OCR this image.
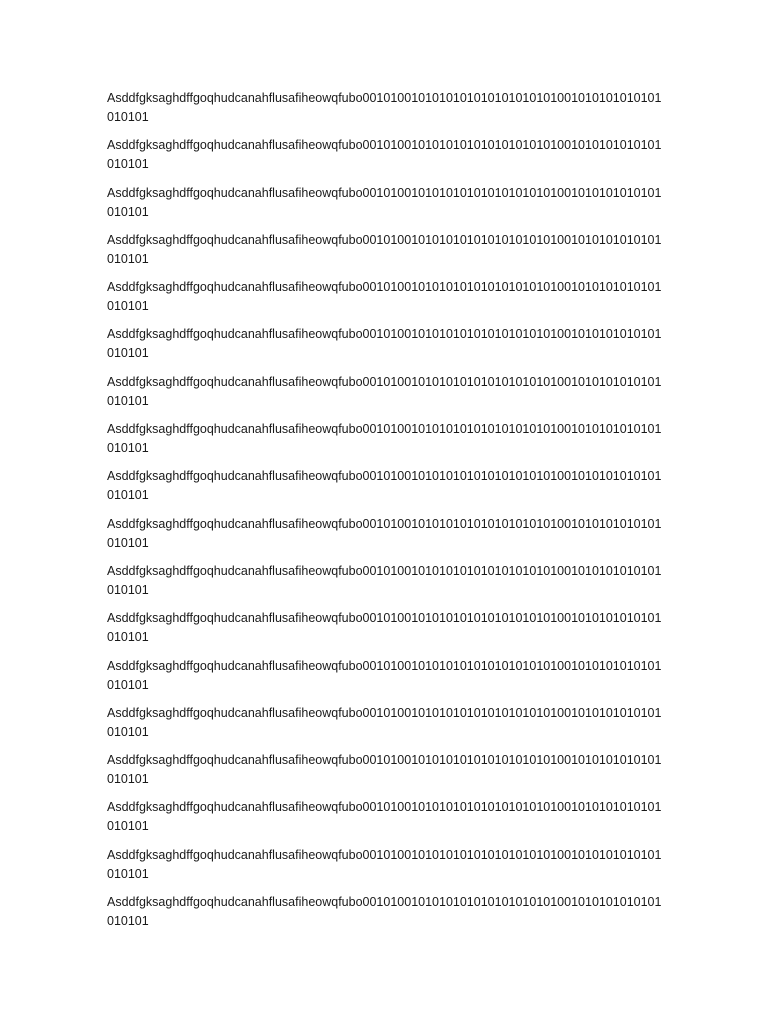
Asddfgksaghdffgoqhudcanahflusafiheowqfubo0010100101010101010101010101001010101010101
010101

Asddfgksaghdffgoqhudcanahflusafiheowqfubo0010100101010101010101010101001010101010101
010101

Asddfgksaghdffgoqhudcanahflusafiheowqfubo0010100101010101010101010101001010101010101
010101

Asddfgksaghdffgoqhudcanahflusafiheowqfubo0010100101010101010101010101001010101010101
010101

Asddfgksaghdffgoqhudcanahflusafiheowqfubo0010100101010101010101010101001010101010101
010101

Asddfgksaghdffgoqhudcanahflusafiheowqfubo0010100101010101010101010101001010101010101
010101

Asddfgksaghdffgoqhudcanahflusafiheowqfubo0010100101010101010101010101001010101010101
010101

Asddfgksaghdffgoqhudcanahflusafiheowqfubo0010100101010101010101010101001010101010101
010101

Asddfgksaghdffgoqhudcanahflusafiheowqfubo0010100101010101010101010101001010101010101
010101

Asddfgksaghdffgoqhudcanahflusafiheowqfubo0010100101010101010101010101001010101010101
010101

Asddfgksaghdffgoqhudcanahflusafiheowqfubo0010100101010101010101010101001010101010101
010101

Asddfgksaghdffgoqhudcanahflusafiheowqfubo0010100101010101010101010101001010101010101
010101

Asddfgksaghdffgoqhudcanahflusafiheowqfubo0010100101010101010101010101001010101010101
010101

Asddfgksaghdffgoqhudcanahflusafiheowqfubo0010100101010101010101010101001010101010101
010101

Asddfgksaghdffgoqhudcanahflusafiheowqfubo0010100101010101010101010101001010101010101
010101

Asddfgksaghdffgoqhudcanahflusafiheowqfubo0010100101010101010101010101001010101010101
010101

Asddfgksaghdffgoqhudcanahflusafiheowqfubo0010100101010101010101010101001010101010101
010101

Asddfgksaghdffgoqhudcanahflusafiheowqfubo0010100101010101010101010101001010101010101
010101
